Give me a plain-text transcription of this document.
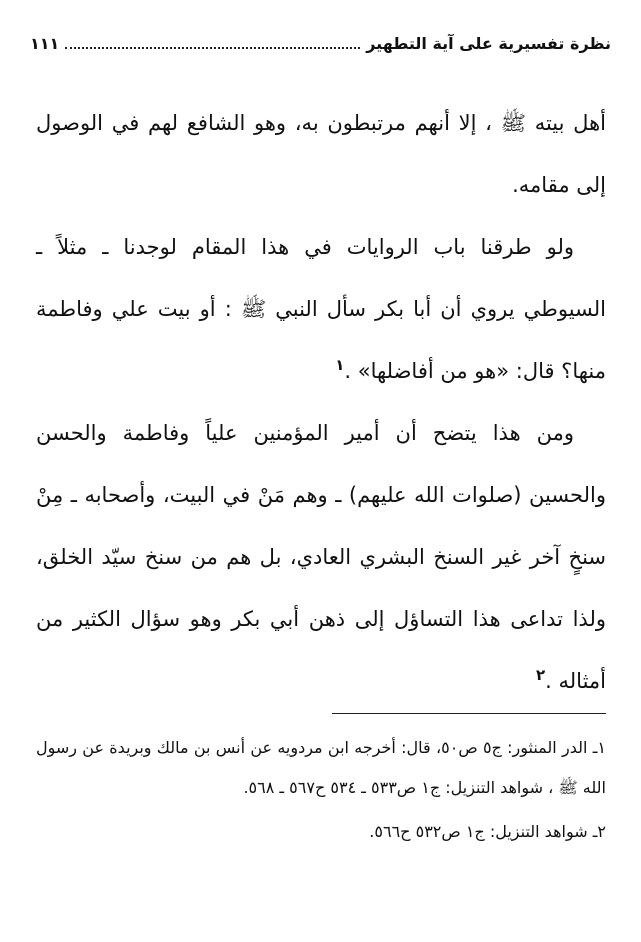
نظرة تفسيرية على آية التطهير
١١١

أهل بيته ﷺ ، إلا أنهم مرتبطون به، وهو الشافع لهم في الوصول إلى مقامه.

ولو طرقنا باب الروايات في هذا المقام لوجدنا ـ مثلاً ـ السيوطي يروي أن أبا بكر سأل النبي ﷺ : أو بيت علي وفاطمة منها؟ قال: «هو من أفاضلها» .$^١$

ومن هذا يتضح أن أمير المؤمنين علياً وفاطمة والحسن والحسين (صلوات الله عليهم) ـ وهم مَنْ في البيت، وأصحابه ـ مِنْ سنخٍ آخر غير السنخ البشري العادي، بل هم من سنخ سيّد الخلق، ولذا تداعى هذا التساؤل إلى ذهن أبي بكر وهو سؤال الكثير من أمثاله .$^٢$

١ـ الدر المنثور: ج٥ ص٥٠، قال: أخرجه ابن مردويه عن أنس بن مالك وبريدة عن رسول الله ﷺ ، شواهد التنزيل: ج١ ص٥٣٣ ـ ٥٣٤ ح٥٦٧ ـ ٥٦٨.

٢ـ شواهد التنزيل: ج١ ص٥٣٢ ح٥٦٦.
